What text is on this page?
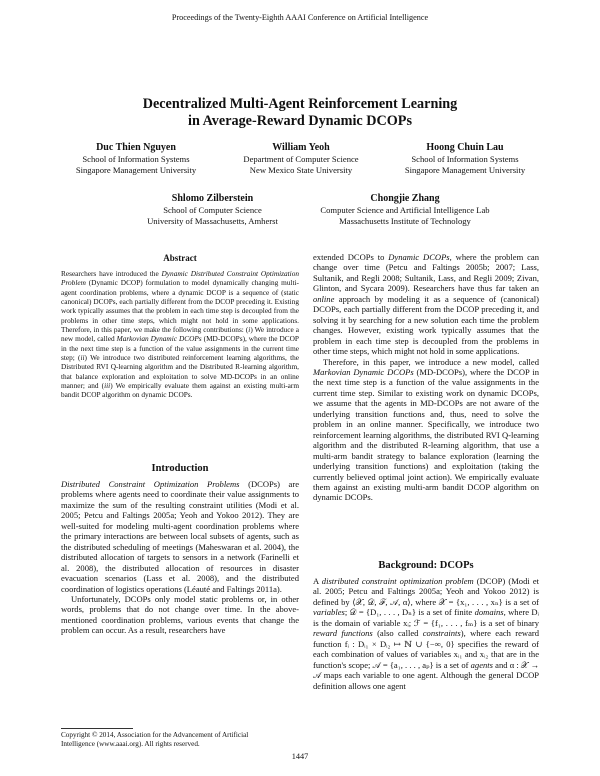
Proceedings of the Twenty-Eighth AAAI Conference on Artificial Intelligence
Decentralized Multi-Agent Reinforcement Learning
in Average-Reward Dynamic DCOPs
Duc Thien Nguyen
School of Information Systems
Singapore Management University
William Yeoh
Department of Computer Science
New Mexico State University
Hoong Chuin Lau
School of Information Systems
Singapore Management University
Shlomo Zilberstein
School of Computer Science
University of Massachusetts, Amherst
Chongjie Zhang
Computer Science and Artificial Intelligence Lab
Massachusetts Institute of Technology
Abstract

Researchers have introduced the Dynamic Distributed Constraint Optimization Problem (Dynamic DCOP) formulation to model dynamically changing multi-agent coordination problems, where a dynamic DCOP is a sequence of (static canonical) DCOPs, each partially different from the DCOP preceding it. Existing work typically assumes that the problem in each time step is decoupled from the problems in other time steps, which might not hold in some applications. Therefore, in this paper, we make the following contributions: (i) We introduce a new model, called Markovian Dynamic DCOPs (MD-DCOPs), where the DCOP in the next time step is a function of the value assignments in the current time step; (ii) We introduce two distributed reinforcement learning algorithms, the Distributed RVI Q-learning algorithm and the Distributed R-learning algorithm, that balance exploration and exploitation to solve MD-DCOPs in an online manner; and (iii) We empirically evaluate them against an existing multi-arm bandit DCOP algorithm on dynamic DCOPs.

Introduction

Distributed Constraint Optimization Problems (DCOPs) are problems where agents need to coordinate their value assignments to maximize the sum of the resulting constraint utilities (Modi et al. 2005; Petcu and Faltings 2005a; Yeoh and Yokoo 2012). They are well-suited for modeling multi-agent coordination problems where the primary interactions are between local subsets of agents, such as the distributed scheduling of meetings (Maheswaran et al. 2004), the distributed allocation of targets to sensors in a network (Farinelli et al. 2008), the distributed allocation of resources in disaster evacuation scenarios (Lass et al. 2008), and the distributed coordination of logistics operations (Léauté and Faltings 2011a).

Unfortunately, DCOPs only model static problems or, in other words, problems that do not change over time. In the above-mentioned coordination problems, various events that change the problem can occur. As a result, researchers have

Copyright © 2014, Association for the Advancement of Artificial
Intelligence (www.aaai.org). All rights reserved.

extended DCOPs to Dynamic DCOPs, where the problem can change over time (Petcu and Faltings 2005b; 2007; Lass, Sultanik, and Regli 2008; Sultanik, Lass, and Regli 2009; Zivan, Glinton, and Sycara 2009). Researchers have thus far taken an online approach by modeling it as a sequence of (canonical) DCOPs, each partially different from the DCOP preceding it, and solving it by searching for a new solution each time the problem changes. However, existing work typically assumes that the problem in each time step is decoupled from the problems in other time steps, which might not hold in some applications.

Therefore, in this paper, we introduce a new model, called Markovian Dynamic DCOPs (MD-DCOPs), where the DCOP in the next time step is a function of the value assignments in the current time step. Similar to existing work on dynamic DCOPs, we assume that the agents in MD-DCOPs are not aware of the underlying transition functions and, thus, need to solve the problem in an online manner. Specifically, we introduce two reinforcement learning algorithms, the distributed RVI Q-learning algorithm and the distributed R-learning algorithm, that use a multi-arm bandit strategy to balance exploration (learning the underlying transition functions) and exploitation (taking the currently believed optimal joint action). We empirically evaluate them against an existing multi-arm bandit DCOP algorithm on dynamic DCOPs.

Background: DCOPs

A distributed constraint optimization problem (DCOP) (Modi et al. 2005; Petcu and Faltings 2005a; Yeoh and Yokoo 2012) is defined by ⟨𝒳, 𝒟, ℱ, 𝒜, α⟩, where 𝒳 = {x₁, . . . , xₙ} is a set of variables; 𝒟 = {D₁, . . . , Dₙ} is a set of finite domains, where Dᵢ is the domain of variable xᵢ; ℱ = {f₁, . . . , fₘ} is a set of binary reward functions (also called constraints), where each reward function fᵢ : Dᵢ₁ × Dᵢ₂ ↦ ℕ ∪ {−∞, 0} specifies the reward of each combination of values of variables xᵢ₁ and xᵢ₂ that are in the function's scope; 𝒜 = {a₁, . . . , aₚ} is a set of agents and α : 𝒳 → 𝒜 maps each variable to one agent. Although the general DCOP definition allows one agent

1447
